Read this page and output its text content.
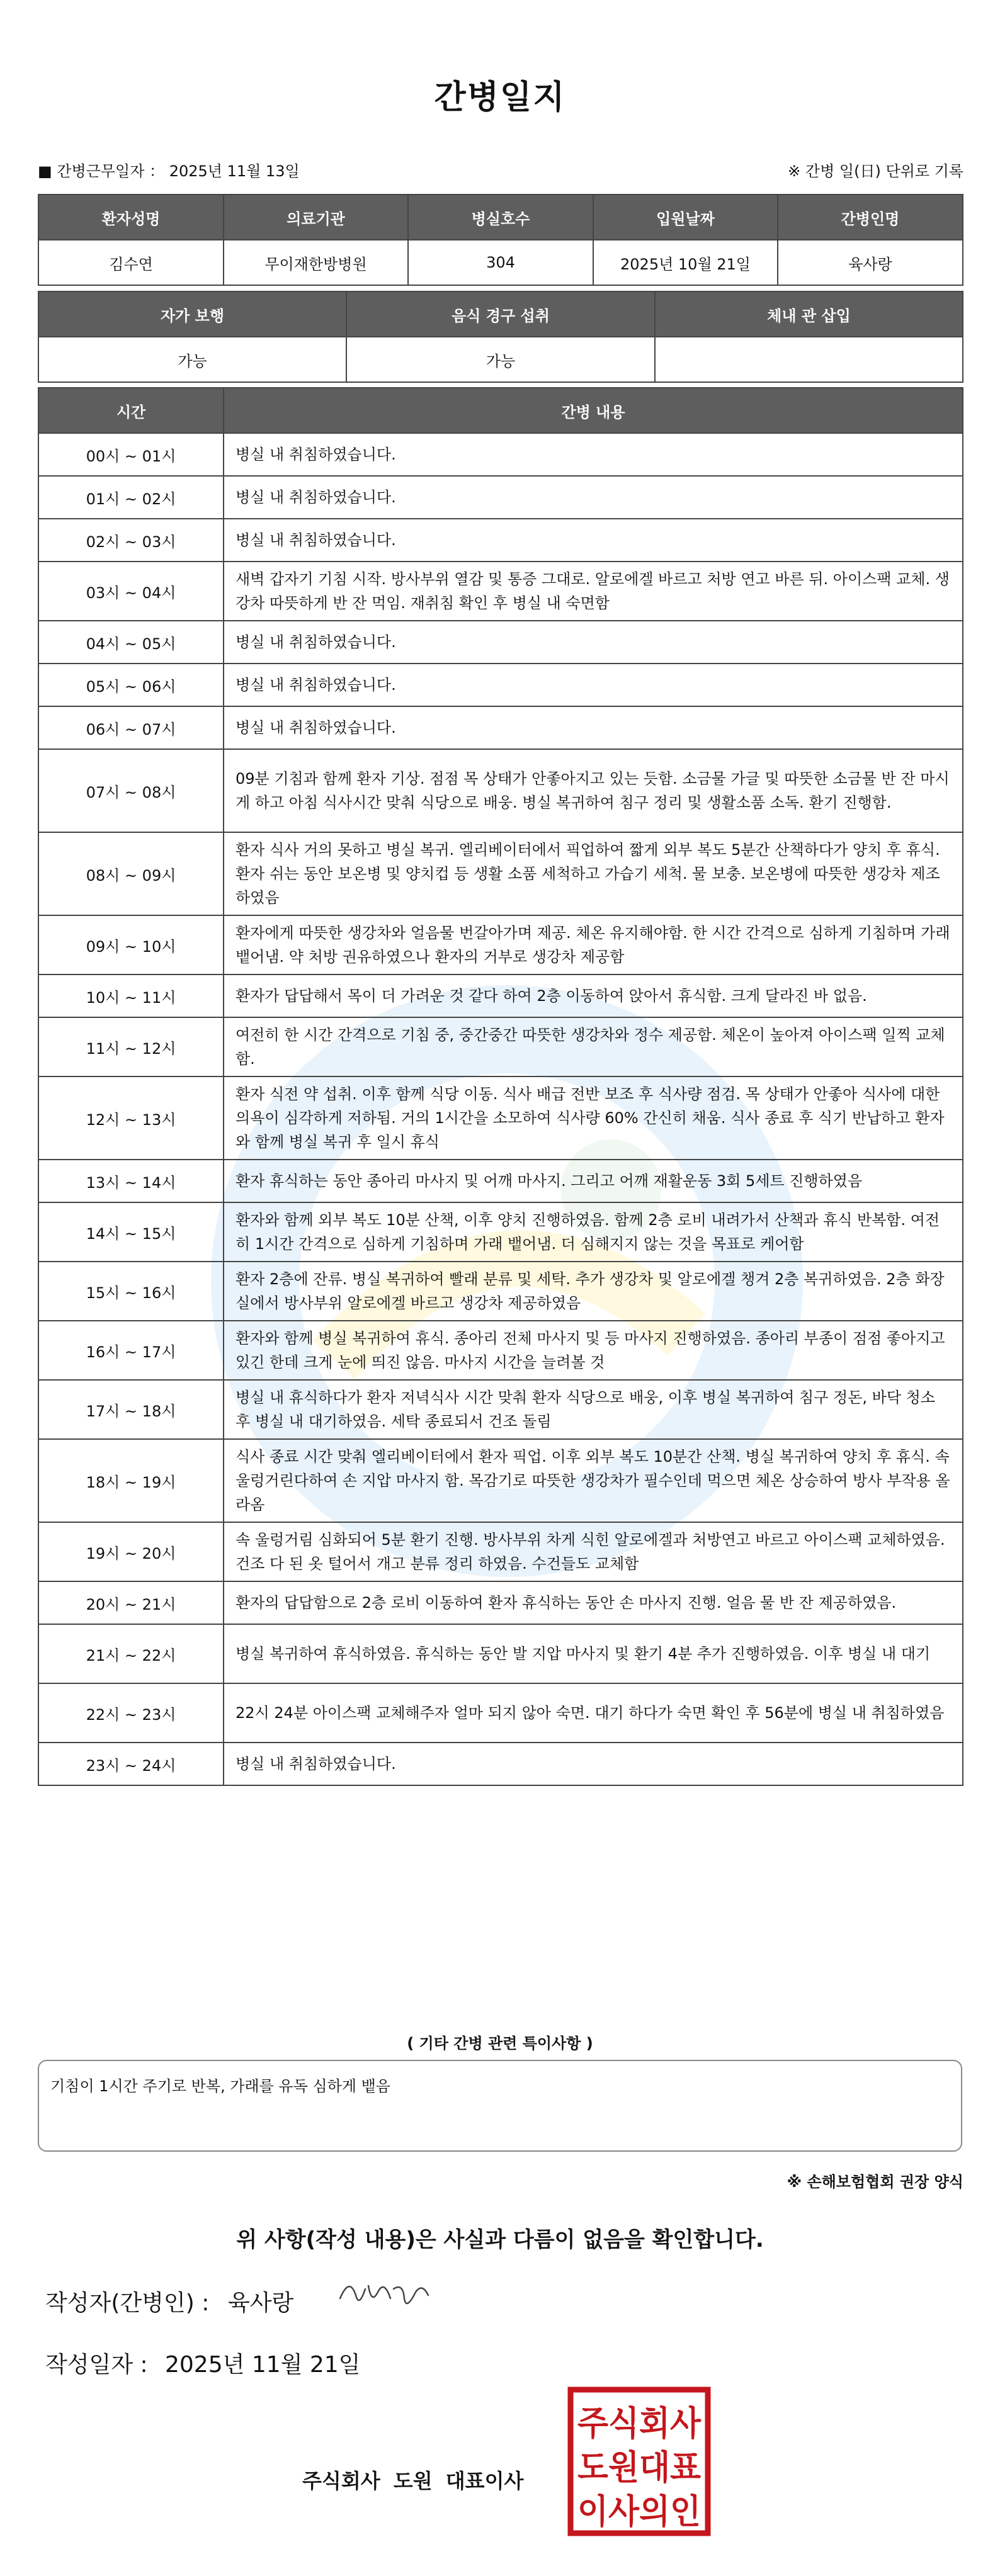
간병일지
■ 간병근무일자 ： 2025년 11월 13일	※ 간병 일(日) 단위로 기록
환자성명	의료기관	병실호수	입원날짜	간병인명
김수연	무이재한방병원	304	2025년 10월 21일	육사랑
자가 보행	음식 경구 섭취	체내 관 삽입
가능	가능	
시간	간병 내용
00시 ~ 01시	병실 내 취침하였습니다.
01시 ~ 02시	병실 내 취침하였습니다.
02시 ~ 03시	병실 내 취침하였습니다.
03시 ~ 04시	새벽 갑자기 기침 시작. 방사부위 열감 및 통증 그대로. 알로에겔 바르고 처방 연고 바른 뒤. 아이스팩 교체. 생강차 따뜻하게 반 잔 먹임. 재취침 확인 후 병실 내 숙면함
04시 ~ 05시	병실 내 취침하였습니다.
05시 ~ 06시	병실 내 취침하였습니다.
06시 ~ 07시	병실 내 취침하였습니다.
07시 ~ 08시	09분 기침과 함께 환자 기상. 점점 목 상태가 안좋아지고 있는 듯함. 소금물 가글 및 따뜻한 소금물 반 잔 마시게 하고 아침 식사시간 맞춰 식당으로 배웅. 병실 복귀하여 침구 정리 및 생활소품 소독. 환기 진행함.
08시 ~ 09시	환자 식사 거의 못하고 병실 복귀. 엘리베이터에서 픽업하여 짧게 외부 복도 5분간 산책하다가 양치 후 휴식. 환자 쉬는 동안 보온병 및 양치컵 등 생활 소품 세척하고 가습기 세척. 물 보충. 보온병에 따뜻한 생강차 제조하였음
09시 ~ 10시	환자에게 따뜻한 생강차와 얼음물 번갈아가며 제공. 체온 유지해야함. 한 시간 간격으로 심하게 기침하며 가래 뱉어냄. 약 처방 권유하였으나 환자의 거부로 생강차 제공함
10시 ~ 11시	환자가 답답해서 목이 더 가려운 것 같다 하여 2층 이동하여 앉아서 휴식함. 크게 달라진 바 없음.
11시 ~ 12시	여전히 한 시간 간격으로 기침 중, 중간중간 따뜻한 생강차와 정수 제공함. 체온이 높아져 아이스팩 일찍 교체함.
12시 ~ 13시	환자 식전 약 섭취. 이후 함께 식당 이동. 식사 배급 전반 보조 후 식사량 점검. 목 상태가 안좋아 식사에 대한 의욕이 심각하게 저하됨. 거의 1시간을 소모하여 식사량 60% 간신히 채움. 식사 종료 후 식기 반납하고 환자와 함께 병실 복귀 후 일시 휴식
13시 ~ 14시	환자 휴식하는 동안 종아리 마사지 및 어깨 마사지. 그리고 어깨 재활운동 3회 5세트 진행하였음
14시 ~ 15시	환자와 함께 외부 복도 10분 산책, 이후 양치 진행하였음. 함께 2층 로비 내려가서 산책과 휴식 반복함. 여전히 1시간 간격으로 심하게 기침하며 가래 뱉어냄. 더 심해지지 않는 것을 목표로 케어함
15시 ~ 16시	환자 2층에 잔류. 병실 복귀하여 빨래 분류 및 세탁. 추가 생강차 및 알로에겔 챙겨 2층 복귀하였음. 2층 화장실에서 방사부위 알로에겔 바르고 생강차 제공하였음
16시 ~ 17시	환자와 함께 병실 복귀하여 휴식. 종아리 전체 마사지 및 등 마사지 진행하였음. 종아리 부종이 점점 좋아지고 있긴 한데 크게 눈에 띄진 않음. 마사지 시간을 늘려볼 것
17시 ~ 18시	병실 내 휴식하다가 환자 저녁식사 시간 맞춰 환자 식당으로 배웅, 이후 병실 복귀하여 침구 정돈, 바닥 청소 후 병실 내 대기하였음. 세탁 종료되서 건조 돌림
18시 ~ 19시	식사 종료 시간 맞춰 엘리베이터에서 환자 픽업. 이후 외부 복도 10분간 산책. 병실 복귀하여 양치 후 휴식. 속 울렁거린다하여 손 지압 마사지 함. 목감기로 따뜻한 생강차가 필수인데 먹으면 체온 상승하여 방사 부작용 올라옴
19시 ~ 20시	속 울렁거림 심화되어 5분 환기 진행. 방사부위 차게 식힌 알로에겔과 처방연고 바르고 아이스팩 교체하였음. 건조 다 된 옷 털어서 개고 분류 정리 하였음. 수건들도 교체함
20시 ~ 21시	환자의 답답함으로 2층 로비 이동하여 환자 휴식하는 동안 손 마사지 진행. 얼음 물 반 잔 제공하였음.
21시 ~ 22시	병실 복귀하여 휴식하였음. 휴식하는 동안 발 지압 마사지 및 환기 4분 추가 진행하였음. 이후 병실 내 대기
22시 ~ 23시	22시 24분 아이스팩 교체해주자 얼마 되지 않아 숙면. 대기 하다가 숙면 확인 후 56분에 병실 내 취침하였음
23시 ~ 24시	병실 내 취침하였습니다.
( 기타 간병 관련 특이사항 )
기침이 1시간 주기로 반복, 가래를 유독 심하게 뱉음
※ 손해보험협회 권장 양식
위 사항(작성 내용)은 사실과 다름이 없음을 확인합니다.
작성자(간병인) : 육사랑
작성일자 : 2025년 11월 21일
주식회사 도원 대표이사
주식회사
도원대표
이사의인
